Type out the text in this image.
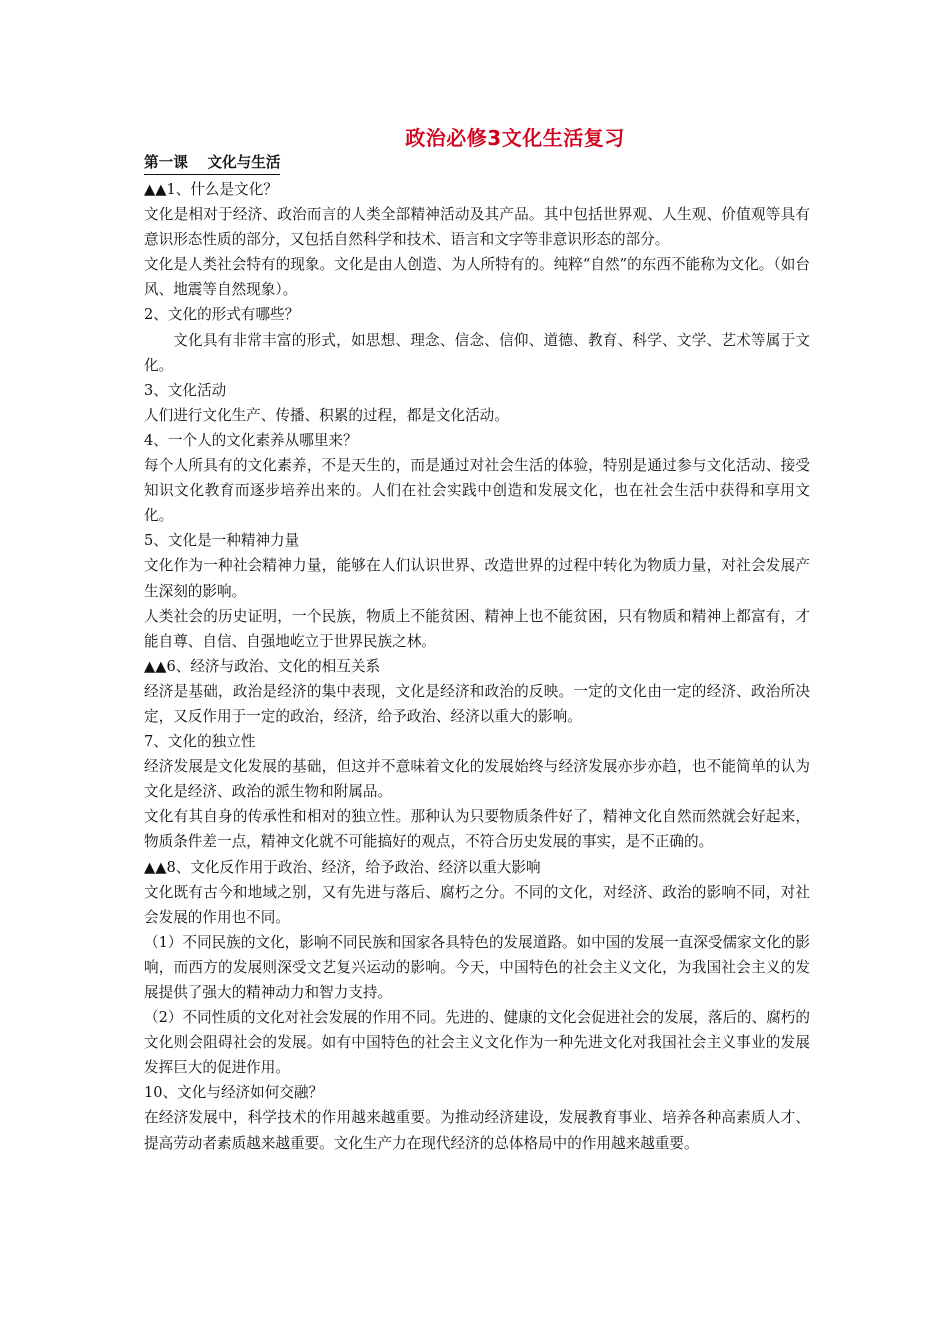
政治必修3文化生活复习

第一课　 文化与生活

▲▲1、什么是文化？

文化是相对于经济、政治而言的人类全部精神活动及其产品。其中包括世界观、人生观、价值观等具有意识形态性质的部分，又包括自然科学和技术、语言和文字等非意识形态的部分。

文化是人类社会特有的现象。文化是由人创造、为人所特有的。纯粹“自然”的东西不能称为文化。（如台风、地震等自然现象）。

2、文化的形式有哪些？

文化具有非常丰富的形式，如思想、理念、信念、信仰、道德、教育、科学、文学、艺术等属于文化。

3、文化活动

人们进行文化生产、传播、积累的过程，都是文化活动。

4、一个人的文化素养从哪里来？

每个人所具有的文化素养，不是天生的，而是通过对社会生活的体验，特别是通过参与文化活动、接受知识文化教育而逐步培养出来的。人们在社会实践中创造和发展文化，也在社会生活中获得和享用文化。

5、文化是一种精神力量

文化作为一种社会精神力量，能够在人们认识世界、改造世界的过程中转化为物质力量，对社会发展产生深刻的影响。

人类社会的历史证明，一个民族，物质上不能贫困、精神上也不能贫困，只有物质和精神上都富有，才能自尊、自信、自强地屹立于世界民族之林。

▲▲6、经济与政治、文化的相互关系

经济是基础，政治是经济的集中表现，文化是经济和政治的反映。一定的文化由一定的经济、政治所决定，又反作用于一定的政治，经济，给予政治、经济以重大的影响。

7、文化的独立性

经济发展是文化发展的基础，但这并不意味着文化的发展始终与经济发展亦步亦趋，也不能简单的认为文化是经济、政治的派生物和附属品。

文化有其自身的传承性和相对的独立性。那种认为只要物质条件好了，精神文化自然而然就会好起来，物质条件差一点，精神文化就不可能搞好的观点，不符合历史发展的事实，是不正确的。

▲▲8、文化反作用于政治、经济，给予政治、经济以重大影响

文化既有古今和地域之别，又有先进与落后、腐朽之分。不同的文化，对经济、政治的影响不同，对社会发展的作用也不同。

（1）不同民族的文化，影响不同民族和国家各具特色的发展道路。如中国的发展一直深受儒家文化的影响，而西方的发展则深受文艺复兴运动的影响。今天，中国特色的社会主义文化，为我国社会主义的发展提供了强大的精神动力和智力支持。

（2）不同性质的文化对社会发展的作用不同。先进的、健康的文化会促进社会的发展，落后的、腐朽的文化则会阻碍社会的发展。如有中国特色的社会主义文化作为一种先进文化对我国社会主义事业的发展发挥巨大的促进作用。

10、文化与经济如何交融？

在经济发展中，科学技术的作用越来越重要。为推动经济建设，发展教育事业、培养各种高素质人才、提高劳动者素质越来越重要。文化生产力在现代经济的总体格局中的作用越来越重要。
